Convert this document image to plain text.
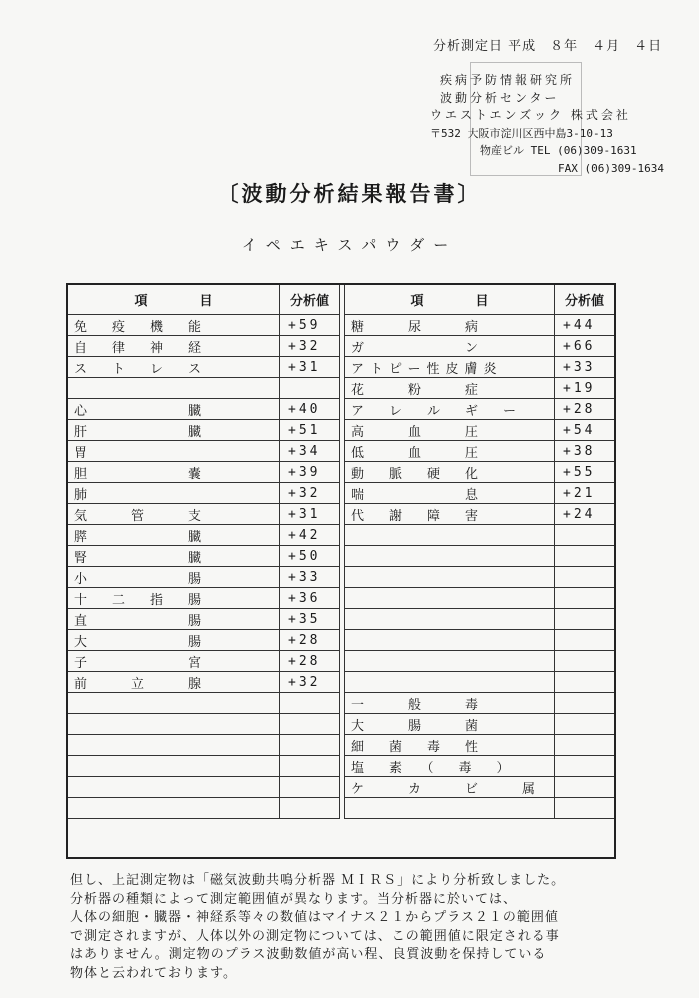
分析測定日 平成　８年　４月　４日
疾病予防情報研究所
波動分析センター
ウエストエンズック 株式会社
〒532 大阪市淀川区西中島3-10-13
物産ビル TEL (06)309-1631
FAX (06)309-1634
〔波動分析結果報告書〕
イペエキスパウダー
項　　　　目	分析値
免　疫　機　能	+59
自　律　神　経	+32
ス　ト　レ　ス	+31

心　　　　　臓	+40
肝　　　　　臓	+51
胃	+34
胆　　　　　嚢	+39
肺	+32
気　　管　　支	+31
膵　　　　　臓	+42
腎　　　　　臓	+50
小　　　　　腸	+33
十　二　指　腸	+36
直　　　　　腸	+35
大　　　　　腸	+28
子　　　　　宮	+28
前　　立　　腺	+32

項　　　　目	分析値
糖　　尿　　病	+44
ガ　　　　　ン	+66
アトピー性皮膚炎	+33
花　　粉　　症	+19
ア　レ　ル　ギ　ー	+28
高　　血　　圧	+54
低　　血　　圧	+38
動　脈　硬　化	+55
喘　　　　　息	+21
代　謝　障　害	+24

一　　般　　毒	
大　　腸　　菌	
細　菌　毒　性	
塩　素　（　毒　）	
ケ　　カ　　ビ　　属	

但し、上記測定物は「磁気波動共鳴分析器 ＭＩＲＳ」により分析致しました。
分析器の種類によって測定範囲値が異なります。当分析器に於いては、
人体の細胞・臓器・神経系等々の数値はマイナス２１からプラス２１の範囲値
で測定されますが、人体以外の測定物については、この範囲値に限定される事
はありません。測定物のプラス波動数値が高い程、良質波動を保持している
物体と云われております。
